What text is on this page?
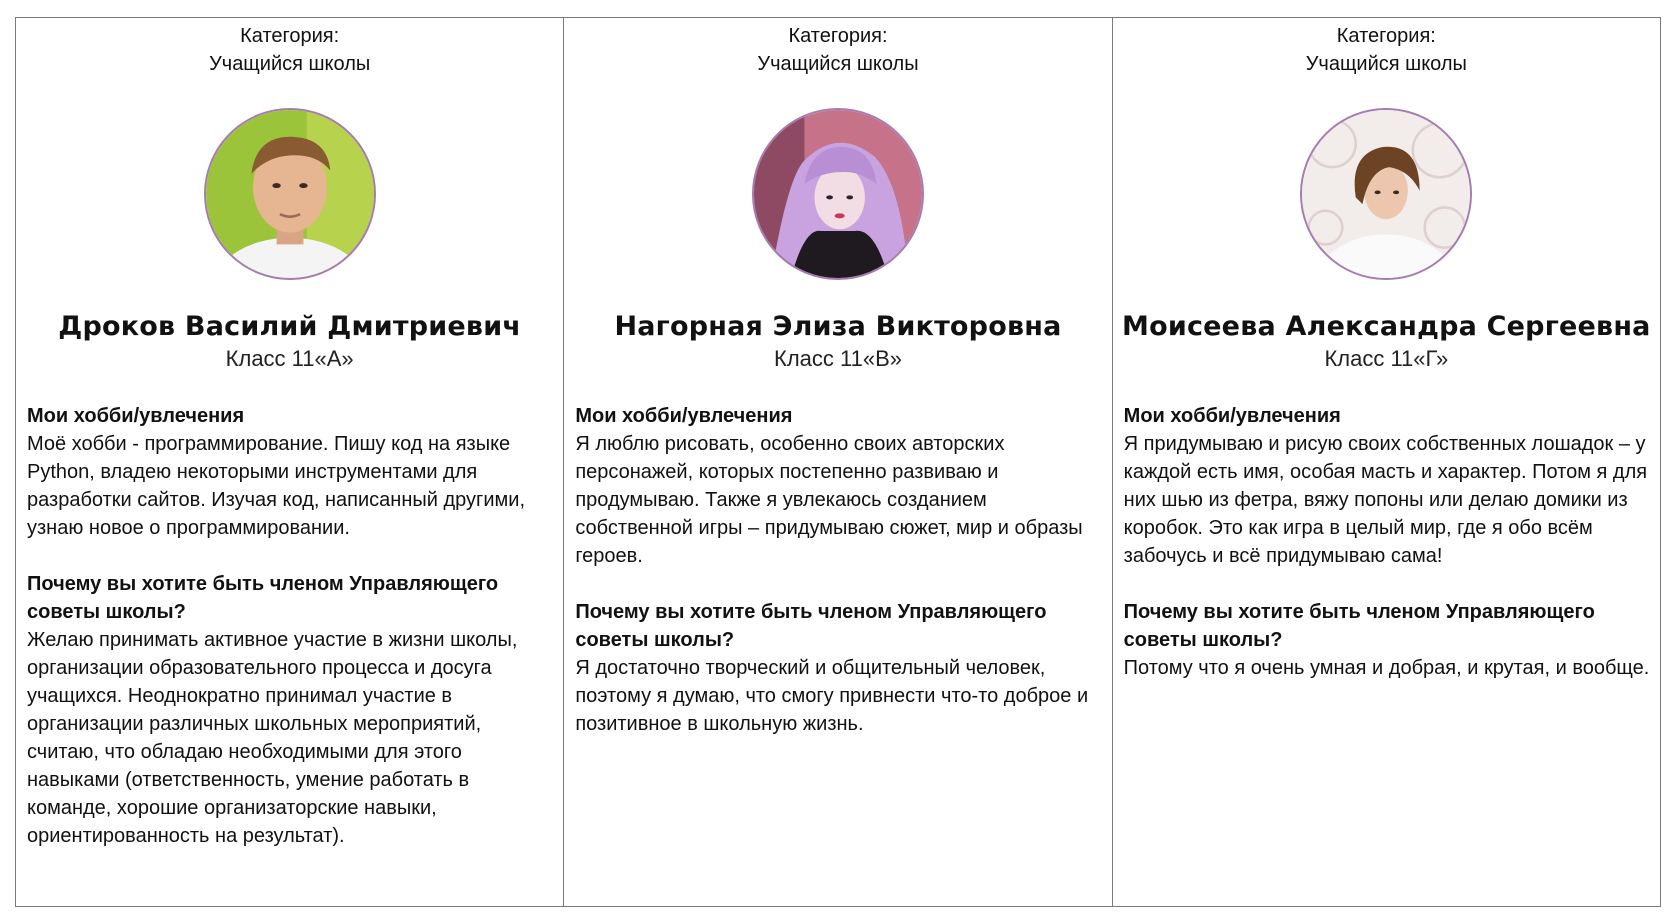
Категория:
Учащийся школы
Дроков Василий Дмитриевич
Класс 11«А»
Мои хобби/увлечения
Моё хобби - программирование. Пишу код на языке Python, владею некоторыми инструментами для разработки сайтов. Изучая код, написанный другими, узнаю новое о программировании.
Почему вы хотите быть членом Управляющего советы школы?
Желаю принимать активное участие в жизни школы, организации образовательного процесса и досуга учащихся. Неоднократно принимал участие в организации различных школьных мероприятий, считаю, что обладаю необходимыми для этого навыками (ответственность, умение работать в команде, хорошие организаторские навыки, ориентированность на результат).
Категория:
Учащийся школы
Нагорная Элиза Викторовна
Класс 11«В»
Мои хобби/увлечения
Я люблю рисовать, особенно своих авторских персонажей, которых постепенно развиваю и продумываю. Также я увлекаюсь созданием собственной игры – придумываю сюжет, мир и образы героев.
Почему вы хотите быть членом Управляющего советы школы?
Я достаточно творческий и общительный человек, поэтому я думаю, что смогу привнести что-то доброе и позитивное в школьную жизнь.
Категория:
Учащийся школы
Моисеева Александра Сергеевна
Класс 11«Г»
Мои хобби/увлечения
Я придумываю и рисую своих собственных лошадок – у каждой есть имя, особая масть и характер. Потом я для них шью из фетра, вяжу попоны или делаю домики из коробок. Это как игра в целый мир, где я обо всём забочусь и всё придумываю сама!
Почему вы хотите быть членом Управляющего советы школы?
Потому что я очень умная и добрая, и крутая, и вообще.
